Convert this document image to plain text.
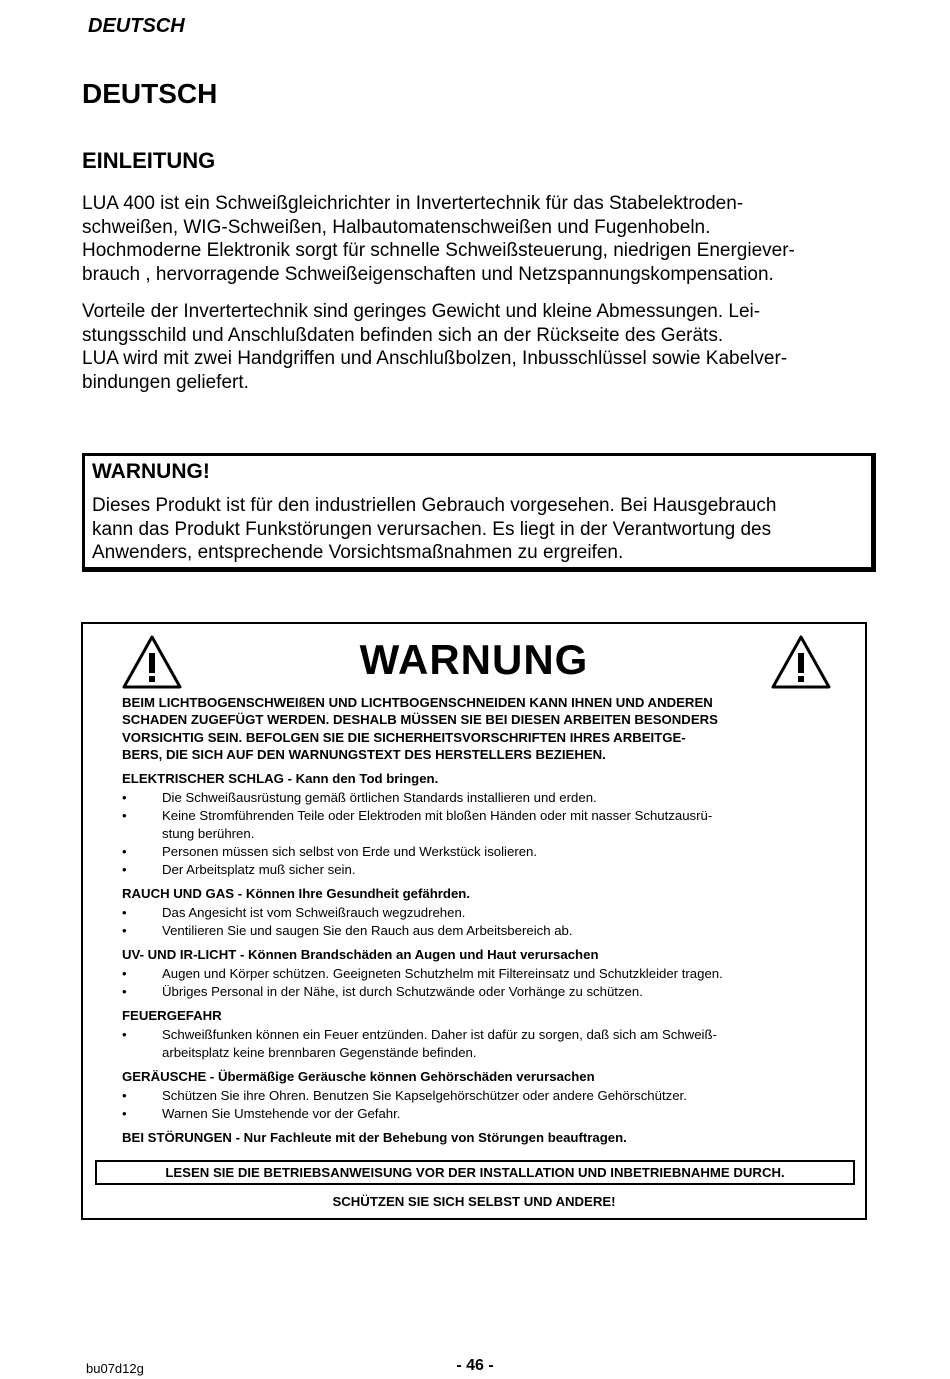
DEUTSCH
DEUTSCH
EINLEITUNG
LUA 400 ist ein Schweißgleichrichter in Invertertechnik für das Stabelektroden-
schweißen, WIG-Schweißen, Halbautomatenschweißen und Fugenhobeln.
Hochmoderne Elektronik sorgt für schnelle Schweißsteuerung, niedrigen Energiever-
brauch , hervorragende Schweißeigenschaften und Netzspannungskompensation.
Vorteile der Invertertechnik sind geringes Gewicht und kleine Abmessungen. Lei-
stungsschild und Anschlußdaten befinden sich an der Rückseite des Geräts.
LUA wird mit zwei Handgriffen und Anschlußbolzen, Inbusschlüssel sowie Kabelver-
bindungen geliefert.
WARNUNG!
Dieses Produkt ist für den industriellen Gebrauch vorgesehen. Bei Hausgebrauch
kann das Produkt Funkstörungen verursachen. Es liegt in der Verantwortung des
Anwenders, entsprechende Vorsichtsmaßnahmen zu ergreifen.
WARNUNG
BEIM LICHTBOGENSCHWEIßEN UND LICHTBOGENSCHNEIDEN KANN IHNEN UND ANDEREN
SCHADEN ZUGEFÜGT WERDEN. DESHALB MÜSSEN SIE BEI DIESEN ARBEITEN BESONDERS
VORSICHTIG SEIN. BEFOLGEN SIE DIE SICHERHEITSVORSCHRIFTEN IHRES ARBEITGE-
BERS, DIE SICH AUF DEN WARNUNGSTEXT DES HERSTELLERS BEZIEHEN.
ELEKTRISCHER SCHLAG - Kann den Tod bringen.
•	Die Schweißausrüstung gemäß örtlichen Standards installieren und erden.
•	Keine Stromführenden Teile oder Elektroden mit bloßen Händen oder mit nasser Schutzausrü-
stung berühren.
•	Personen müssen sich selbst von Erde und Werkstück isolieren.
•	Der Arbeitsplatz muß sicher sein.
RAUCH UND GAS - Können Ihre Gesundheit gefährden.
•	Das Angesicht ist vom Schweißrauch wegzudrehen.
•	Ventilieren Sie und saugen Sie den Rauch aus dem Arbeitsbereich ab.
UV- UND IR-LICHT - Können Brandschäden an Augen und Haut verursachen
•	Augen und Körper schützen. Geeigneten Schutzhelm mit Filtereinsatz und Schutzkleider tragen.
•	Übriges Personal in der Nähe, ist durch Schutzwände oder Vorhänge zu schützen.
FEUERGEFAHR
•	Schweißfunken können ein Feuer entzünden. Daher ist dafür zu sorgen, daß sich am Schweiß-
arbeitsplatz keine brennbaren Gegenstände befinden.
GERÄUSCHE - Übermäßige Geräusche können Gehörschäden verursachen
•	Schützen Sie ihre Ohren. Benutzen Sie Kapselgehörschützer oder andere Gehörschützer.
•	Warnen Sie Umstehende vor der Gefahr.
BEI STÖRUNGEN - Nur Fachleute mit der Behebung von Störungen beauftragen.
LESEN SIE DIE BETRIEBSANWEISUNG VOR DER INSTALLATION UND INBETRIEBNAHME DURCH.
SCHÜTZEN SIE SICH SELBST UND ANDERE!
bu07d12g	- 46 -
